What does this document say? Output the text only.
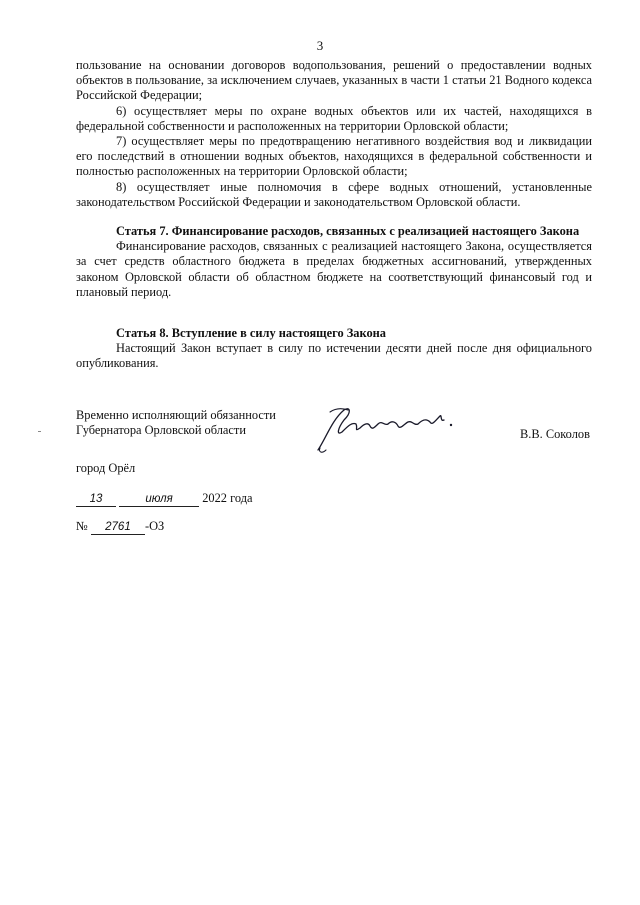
3

пользование на основании договоров водопользования, решений о предоставлении водных объектов в пользование, за исключением случаев, указанных в части 1 статьи 21 Водного кодекса Российской Федерации;

6) осуществляет меры по охране водных объектов или их частей, находящихся в федеральной собственности и расположенных на территории Орловской области;

7) осуществляет меры по предотвращению негативного воздействия вод и ликвидации его последствий в отношении водных объектов, находящихся в федеральной собственности и полностью расположенных на территории Орловской области;

8) осуществляет иные полномочия в сфере водных отношений, установленные законодательством Российской Федерации и законодательством Орловской области.

Статья 7. Финансирование расходов, связанных с реализацией настоящего Закона

Финансирование расходов, связанных с реализацией настоящего Закона, осуществляется за счет средств областного бюджета в пределах бюджетных ассигнований, утвержденных законом Орловской области об областном бюджете на соответствующий финансовый год и плановый период.

Статья 8. Вступление в силу настоящего Закона

Настоящий Закон вступает в силу по истечении десяти дней после дня официального опубликования.

Временно исполняющий обязанности
Губернатора Орловской области	В.В. Соколов
город Орёл
13	июля 2022 года
№ 2761 -ОЗ
